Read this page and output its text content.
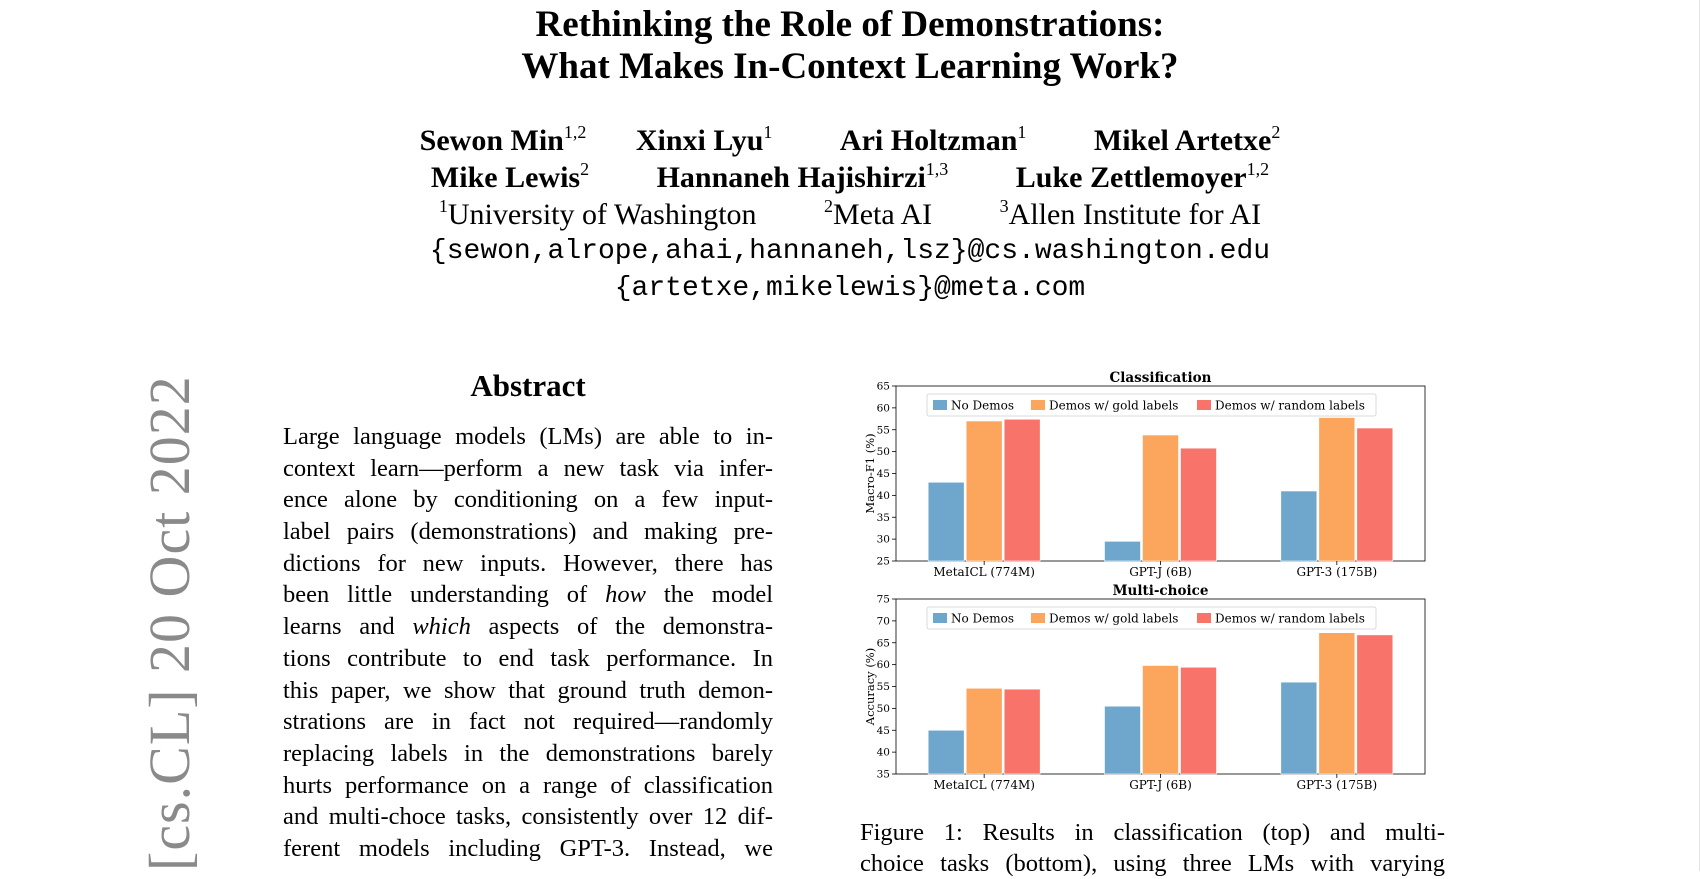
Rethinking the Role of Demonstrations:
What Makes In-Context Learning Work?
Sewon Min$^{1,2}$ Xinxi Lyu$^1$ Ari Holtzman$^1$ Mikel Artetxe$^2$
Mike Lewis$^2$ Hannaneh Hajishirzi$^{1,3}$ Luke Zettlemoyer$^{1,2}$
$^1$University of Washington	$^2$Meta AI	$^3$Allen Institute for AI
{sewon,alrope,ahai,hannaneh,lsz}@cs.washington.edu
{artetxe,mikelewis}@meta.com
[cs.CL] 20 Oct 2022	Abstract
Large language models (LMs) are able to in-
context learn—perform a new task via infer-
ence alone by conditioning on a few input-
label pairs (demonstrations) and making pre-
dictions for new inputs. However, there has
been little understanding of how the model
learns and which aspects of the demonstra-
tions contribute to end task performance. In
this paper, we show that ground truth demon-
strations are in fact not required—randomly
replacing labels in the demonstrations barely
hurts performance on a range of classification
and multi-choce tasks, consistently over 12 dif-
ferent models including GPT-3. Instead, we
Classification
25
30
35
40
45
50
55
60
65
Macro-F1 (%)
MetaICL (774M)	GPT-J (6B)	GPT-3 (175B)
No Demos	Demos w/ gold labels	Demos w/ random labels
Multi-choice
35
40
45
50
55
60
65
70
75
Accuracy (%)
MetaICL (774M)	GPT-J (6B)	GPT-3 (175B)
No Demos	Demos w/ gold labels	Demos w/ random labels
Figure 1: Results in classification (top) and multi-
choice tasks (bottom), using three LMs with varying
